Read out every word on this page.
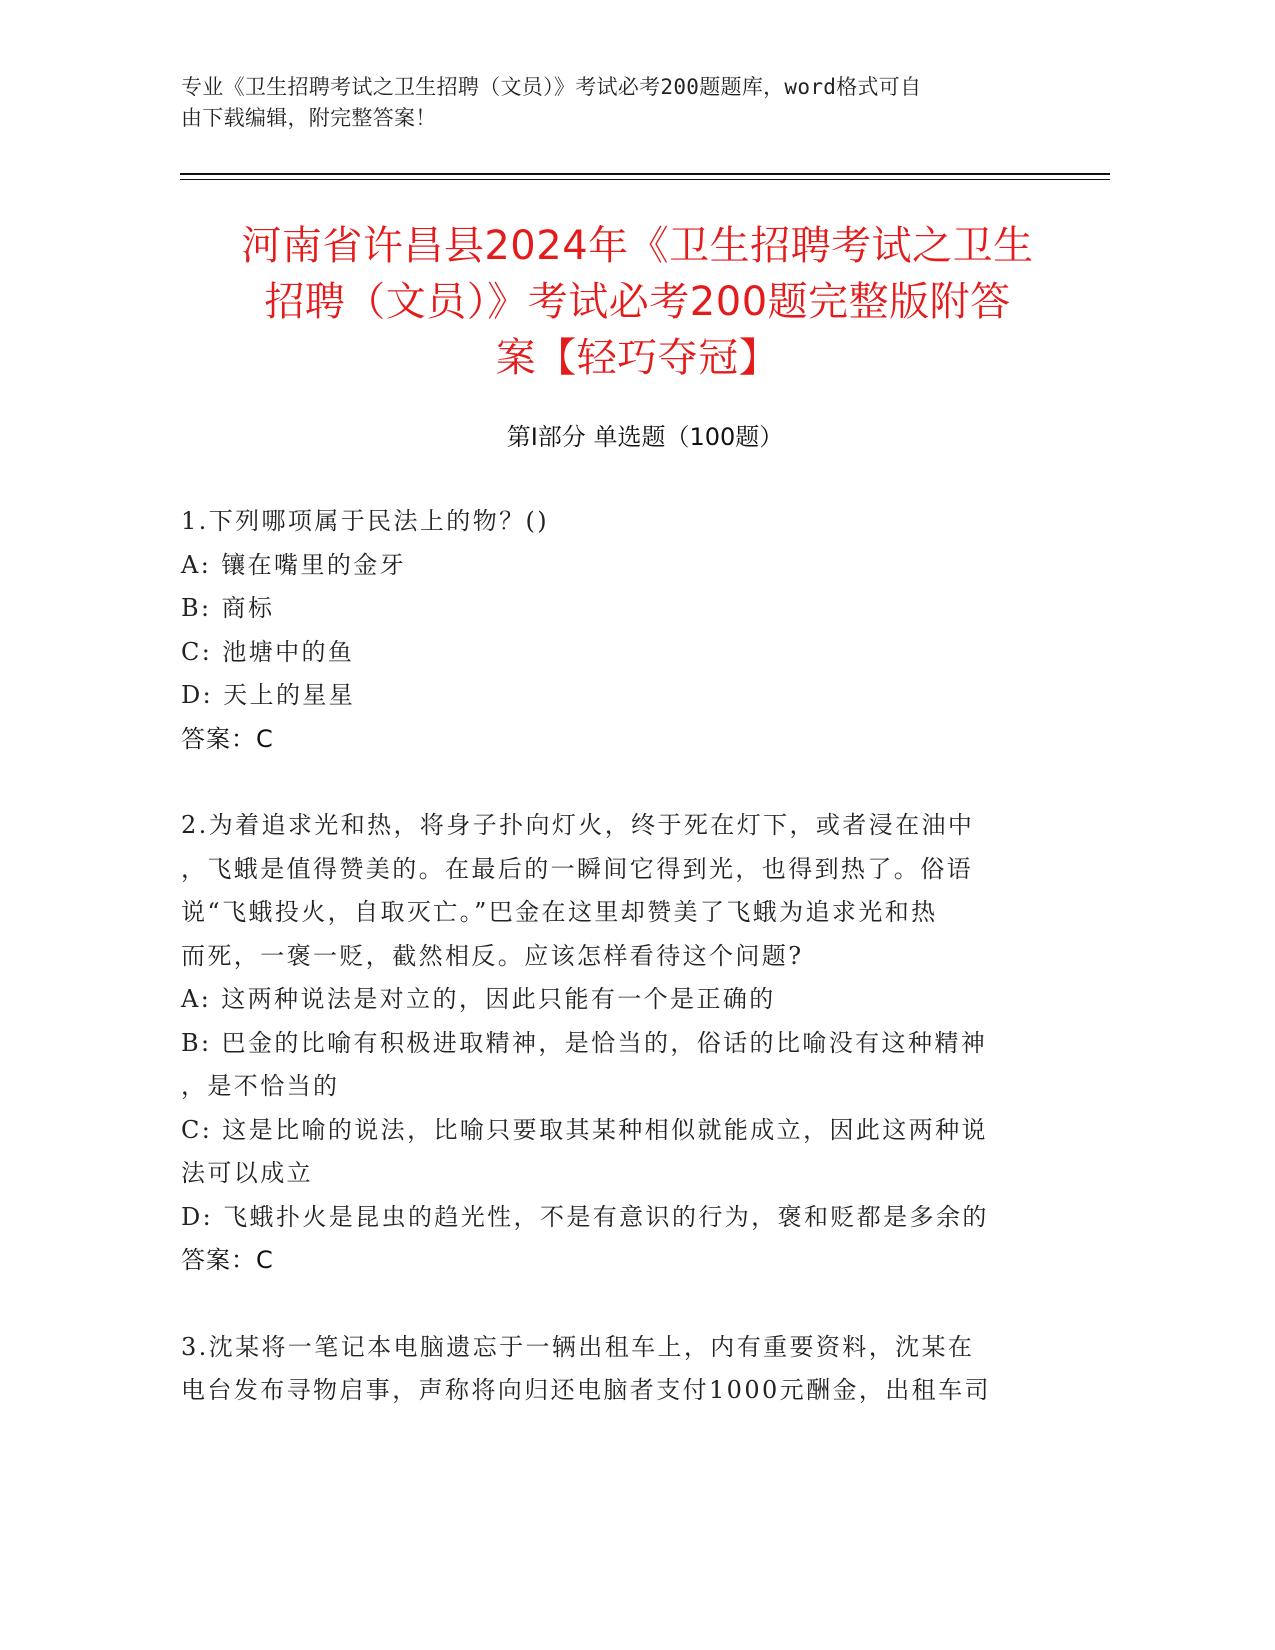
专业《卫生招聘考试之卫生招聘（文员）》考试必考200题题库，word格式可自
由下载编辑，附完整答案！
河南省许昌县2024年《卫生招聘考试之卫生
招聘（文员）》考试必考200题完整版附答
案【轻巧夺冠】
第Ⅰ部分 单选题（100题）
1.下列哪项属于民法上的物？()
A: 镶在嘴里的金牙
B: 商标
C: 池塘中的鱼
D: 天上的星星
答案：C
2.为着追求光和热，将身子扑向灯火，终于死在灯下，或者浸在油中
，飞蛾是值得赞美的。在最后的一瞬间它得到光，也得到热了。俗语
说“飞蛾投火，自取灭亡。”巴金在这里却赞美了飞蛾为追求光和热
而死，一褒一贬，截然相反。应该怎样看待这个问题?
A: 这两种说法是对立的，因此只能有一个是正确的
B: 巴金的比喻有积极进取精神，是恰当的，俗话的比喻没有这种精神
，是不恰当的
C: 这是比喻的说法，比喻只要取其某种相似就能成立，因此这两种说
法可以成立
D: 飞蛾扑火是昆虫的趋光性，不是有意识的行为，褒和贬都是多余的
答案：C
3.沈某将一笔记本电脑遗忘于一辆出租车上，内有重要资料，沈某在
电台发布寻物启事，声称将向归还电脑者支付1000元酬金，出租车司
